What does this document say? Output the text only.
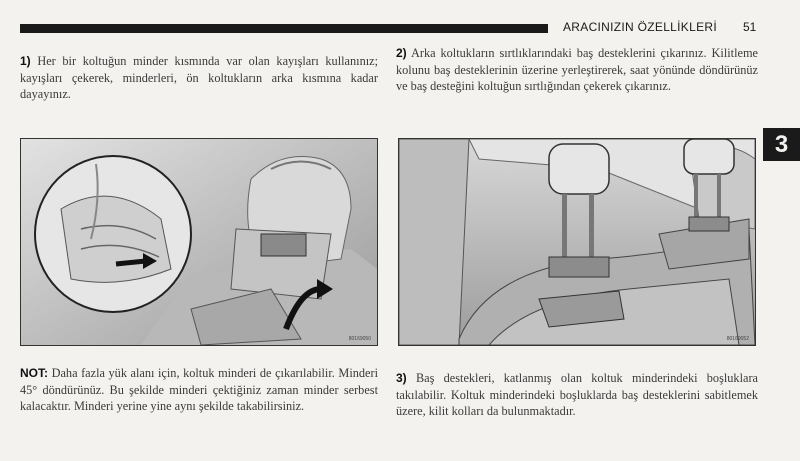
ARACINIZIN ÖZELLİKLERİ 51
3

1) Her bir koltuğun minder kısmında var olan kayışları kullanınız; kayışları çekerek, minderleri, ön koltukların arka kısmına kadar dayayınız.

2) Arka koltukların sırtlıklarındaki baş desteklerini çıkarınız. Kilitleme kolunu baş desteklerinin üzerine yerleştirerek, saat yönünde döndürünüz ve baş desteğini koltuğun sırtlığından çekerek çıkarınız.

80169050	80169052

NOT: Daha fazla yük alanı için, koltuk minderi de çıkarılabilir. Minderi 45° döndürünüz. Bu şekilde minderi çektiğiniz zaman minder serbest kalacaktır. Minderi yerine yine aynı şekilde takabilirsiniz.

3) Baş destekleri, katlanmış olan koltuk minderindeki boşluklara takılabilir. Koltuk minderindeki boşluklarda baş desteklerini sabitlemek üzere, kilit kolları da bulunmaktadır.
